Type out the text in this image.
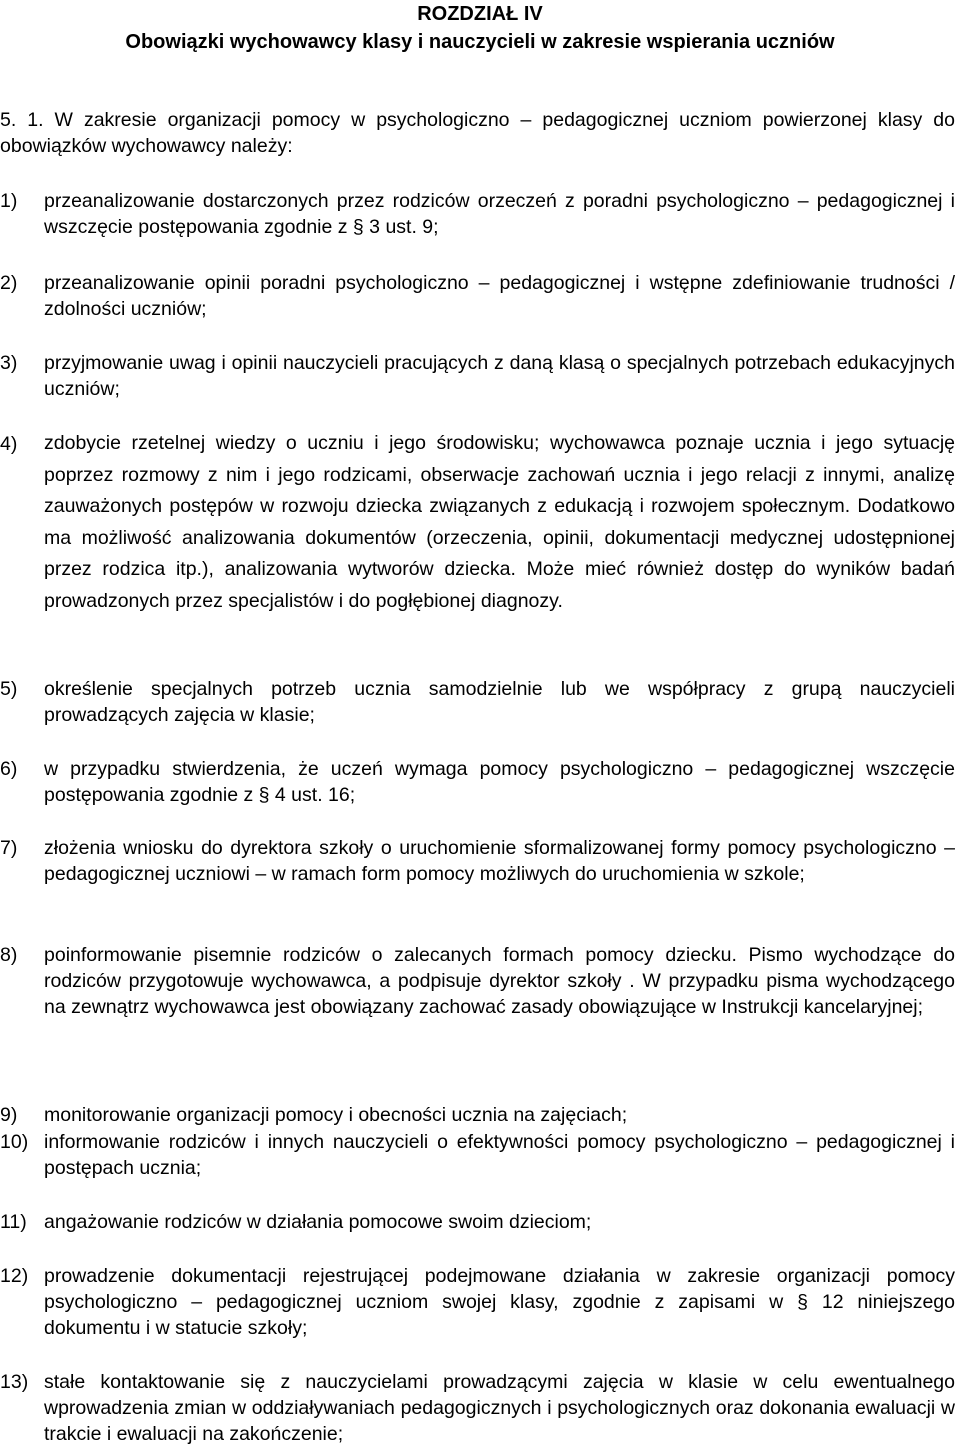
ROZDZIAŁ IV

Obowiązki wychowawcy klasy i nauczycieli w zakresie wspierania uczniów

5. 1. W zakresie organizacji pomocy w psychologiczno – pedagogicznej uczniom powierzonej klasy do obowiązków wychowawcy należy:
1)	przeanalizowanie dostarczonych przez rodziców orzeczeń z poradni psychologiczno – pedagogicznej i wszczęcie postępowania zgodnie z § 3 ust. 9;
2)	przeanalizowanie opinii poradni psychologiczno – pedagogicznej i wstępne zdefiniowanie trudności / zdolności uczniów;
3)	przyjmowanie uwag i opinii nauczycieli pracujących z daną klasą o specjalnych potrzebach edukacyjnych uczniów;
4)	zdobycie rzetelnej wiedzy o uczniu i jego środowisku; wychowawca poznaje ucznia i jego sytuację poprzez rozmowy z nim i jego rodzicami, obserwacje zachowań ucznia i jego relacji z innymi, analizę zauważonych postępów w rozwoju dziecka związanych z edukacją i rozwojem społecznym. Dodatkowo ma możliwość analizowania dokumentów (orzeczenia, opinii, dokumentacji medycznej udostępnionej przez rodzica itp.), analizowania wytworów dziecka. Może mieć również dostęp do wyników badań prowadzonych przez specjalistów i do pogłębionej diagnozy.
5)	określenie specjalnych potrzeb ucznia samodzielnie lub we współpracy z grupą nauczycieli prowadzących zajęcia w klasie;
6)	w przypadku stwierdzenia, że uczeń wymaga pomocy psychologiczno – pedagogicznej wszczęcie postępowania zgodnie z § 4 ust. 16;
7)	złożenia wniosku do dyrektora szkoły o uruchomienie sformalizowanej formy pomocy psychologiczno – pedagogicznej uczniowi – w ramach form pomocy możliwych do uruchomienia w szkole;
8)	poinformowanie pisemnie rodziców o zalecanych formach pomocy dziecku. Pismo wychodzące do rodziców przygotowuje wychowawca, a podpisuje dyrektor szkoły . W przypadku pisma wychodzącego na zewnątrz wychowawca jest obowiązany zachować zasady obowiązujące w Instrukcji kancelaryjnej;
9)	monitorowanie organizacji pomocy i obecności ucznia na zajęciach;
10) informowanie rodziców i innych nauczycieli o efektywności pomocy psychologiczno – pedagogicznej i postępach ucznia;
11) angażowanie rodziców w działania pomocowe swoim dzieciom;
12) prowadzenie dokumentacji rejestrującej podejmowane działania w zakresie organizacji pomocy psychologiczno – pedagogicznej uczniom swojej klasy, zgodnie z zapisami w § 12 niniejszego dokumentu i w statucie szkoły;
13) stałe kontaktowanie się z nauczycielami prowadzącymi zajęcia w klasie w celu ewentualnego wprowadzenia zmian w oddziaływaniach pedagogicznych i psychologicznych oraz dokonania ewaluacji w trakcie i ewaluacji na zakończenie;
